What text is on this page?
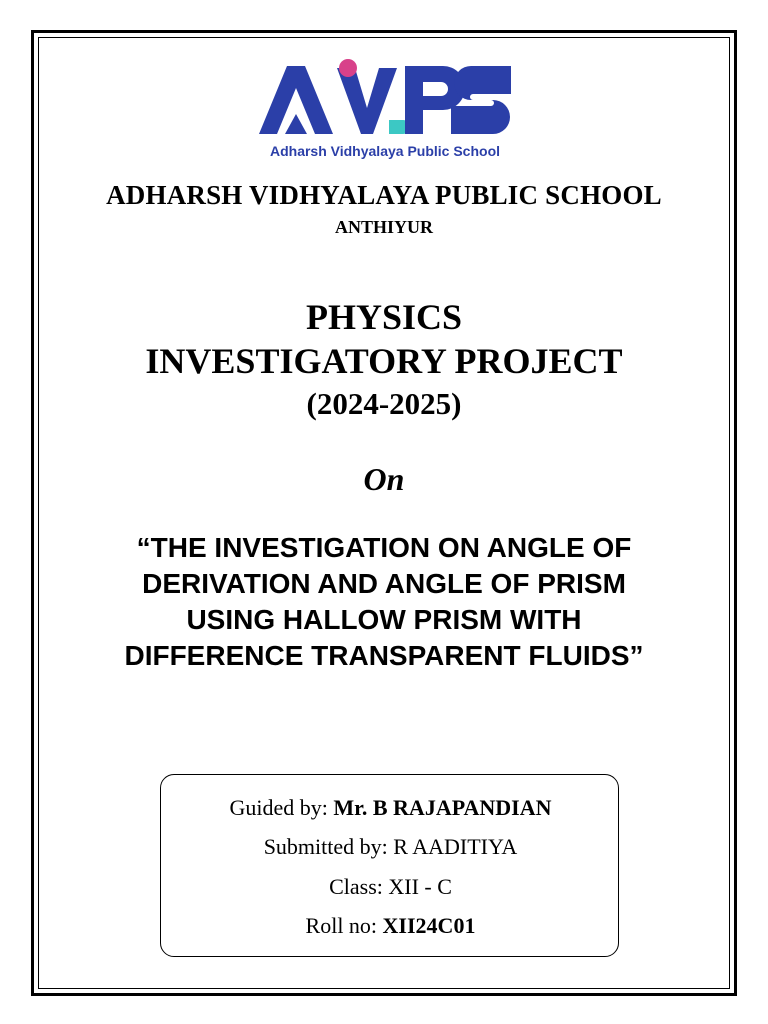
Adharsh Vidhyalaya Public School
ADHARSH VIDHYALAYA PUBLIC SCHOOL
ANTHIYUR
PHYSICS
INVESTIGATORY PROJECT
(2024-2025)
On
“THE INVESTIGATION ON ANGLE OF
DERIVATION AND ANGLE OF PRISM
USING HALLOW PRISM WITH
DIFFERENCE TRANSPARENT FLUIDS”
Guided by: Mr. B RAJAPANDIAN
Submitted by: R AADITIYA
Class: XII - C
Roll no: XII24C01
